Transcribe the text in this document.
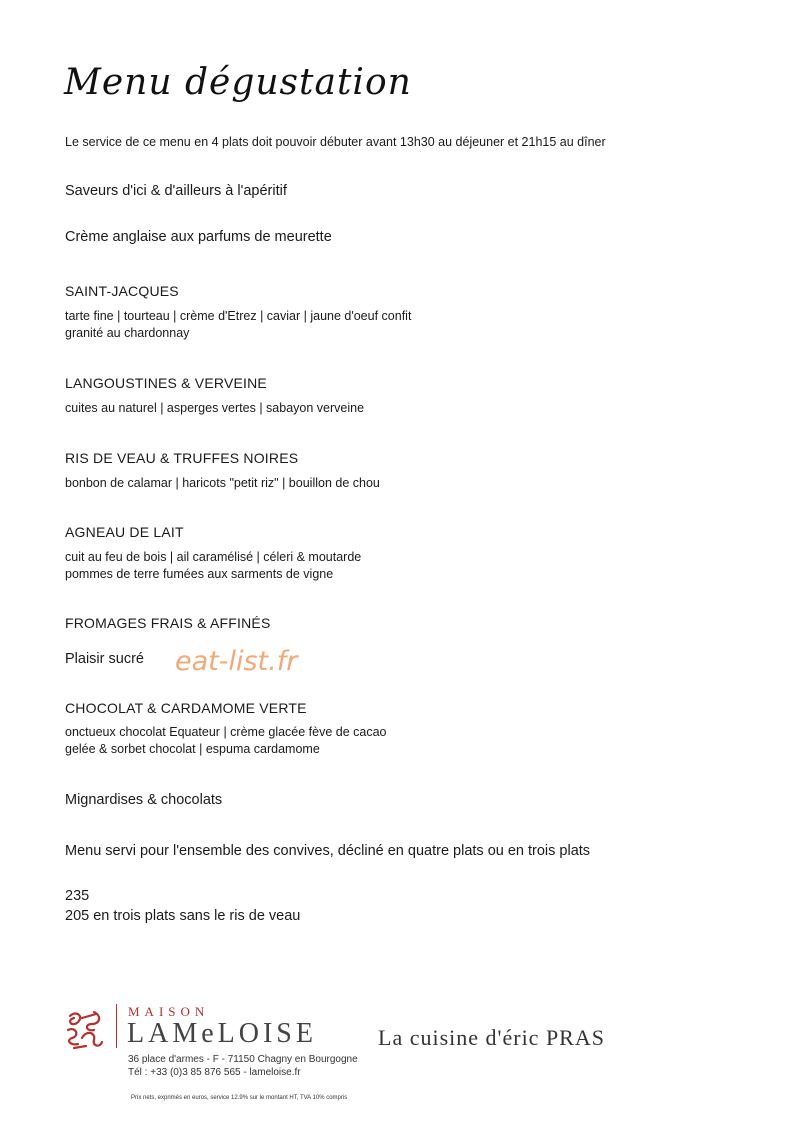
Menu dégustation
Le service de ce menu en 4 plats doit pouvoir débuter avant 13h30 au déjeuner et 21h15 au dîner
Saveurs d'ici & d'ailleurs à l'apéritif
Crème anglaise aux parfums de meurette
SAINT-JACQUES
tarte fine | tourteau | crème d'Etrez | caviar | jaune d'oeuf confit
granité au chardonnay
LANGOUSTINES & VERVEINE
cuites au naturel | asperges vertes | sabayon verveine
RIS DE VEAU & TRUFFES NOIRES
bonbon de calamar | haricots "petit riz" | bouillon de chou
AGNEAU DE LAIT
cuit au feu de bois | ail caramélisé | céleri & moutarde
pommes de terre fumées aux sarments de vigne
FROMAGES FRAIS & AFFINÉS
Plaisir sucré eat-list.fr
CHOCOLAT & CARDAMOME VERTE
onctueux chocolat Equateur | crème glacée fève de cacao
gelée & sorbet chocolat | espuma cardamome
Mignardises & chocolats
Menu servi pour l'ensemble des convives, décliné en quatre plats ou en trois plats
235
205 en trois plats sans le ris de veau
MAISON
LAMeLOISE	La cuisine d'éric PRAS
36 place d'armes - F - 71150 Chagny en Bourgogne
Tél : +33 (0)3 85 876 565 - lameloise.fr
Prix nets, exprimés en euros, service 12.9% sur le montant HT, TVA 10% compris
